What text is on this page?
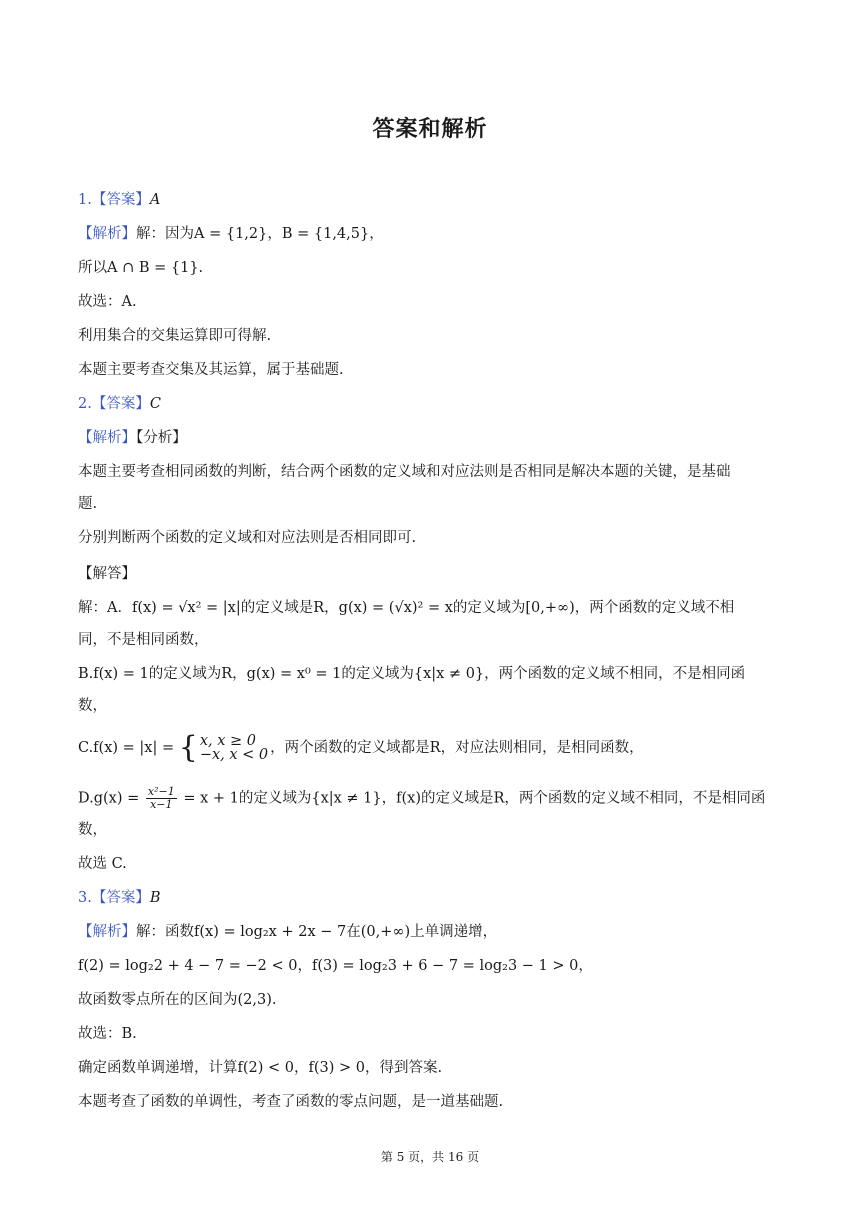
答案和解析
1.【答案】A
【解析】解：因为A = {1,2}，B = {1,4,5}，
所以A ∩ B = {1}.
故选：A.
利用集合的交集运算即可得解.
本题主要考查交集及其运算，属于基础题.
2.【答案】C
【解析】【分析】
本题主要考查相同函数的判断，结合两个函数的定义域和对应法则是否相同是解决本题的关键，是基础
题.
分别判断两个函数的定义域和对应法则是否相同即可.
【解答】
解：A．f(x) = √x² = |x|的定义域是R，g(x) = (√x)² = x的定义域为[0,+∞)，两个函数的定义域不相
同，不是相同函数，
B.f(x) = 1的定义域为R，g(x) = x⁰ = 1的定义域为{x|x ≠ 0}，两个函数的定义域不相同，不是相同函
数，
C.f(x) = |x| = { x, x ≥ 0
−x, x < 0 ，两个函数的定义域都是R，对应法则相同，是相同函数，
$D.g(x) = \frac{\text{x²−1}}{x-1} = x + 1$的定义域为{x|x ≠ 1}，f(x)的定义域是R，两个函数的定义域不相同，不是相同函
数，
故选 C.
3.【答案】B
【解析】解：函数f(x) = log₂x + 2x − 7在(0,+∞)上单调递增，
f(2) = log₂2 + 4 − 7 = −2 < 0，f(3) = log₂3 + 6 − 7 = log₂3 − 1 > 0，
故函数零点所在的区间为(2,3).
故选：B.
确定函数单调递增，计算f(2) < 0，f(3) > 0，得到答案.
本题考查了函数的单调性，考查了函数的零点问题，是一道基础题.
第 5 页，共 16 页
